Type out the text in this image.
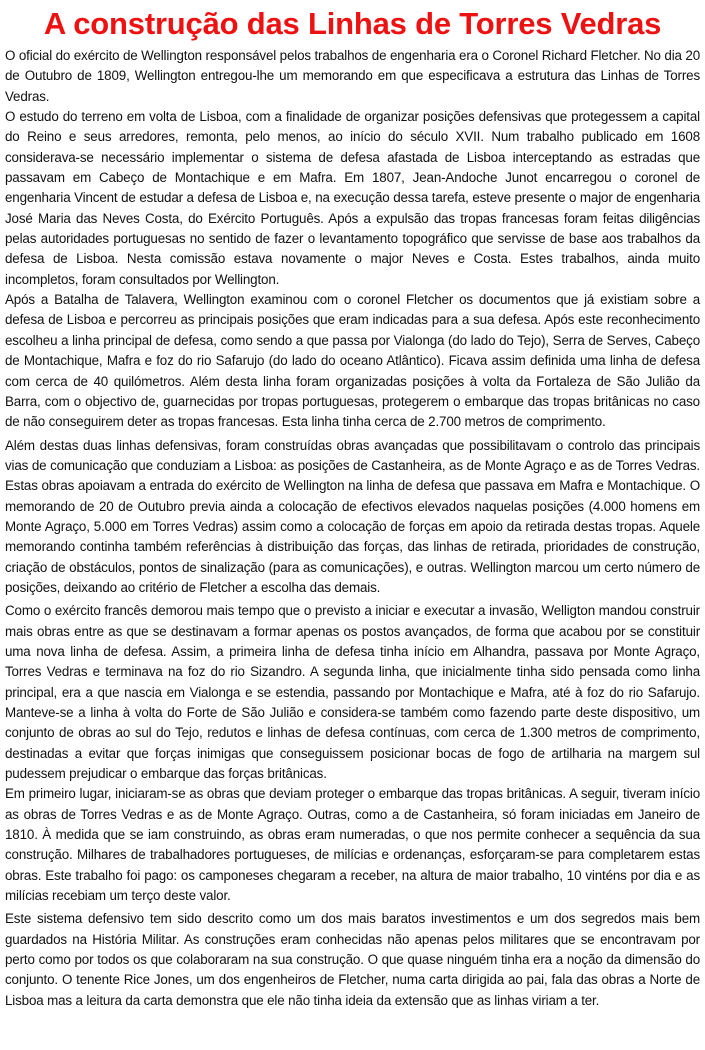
A construção das Linhas de Torres Vedras

O oficial do exército de Wellington responsável pelos trabalhos de engenharia era o Coronel Richard Fletcher. No dia 20 de Outubro de 1809, Wellington entregou-lhe um memorando em que especificava a estrutura das Linhas de Torres Vedras.

O estudo do terreno em volta de Lisboa, com a finalidade de organizar posições defensivas que protegessem a capital do Reino e seus arredores, remonta, pelo menos, ao início do século XVII. Num trabalho publicado em 1608 considerava-se necessário implementar o sistema de defesa afastada de Lisboa interceptando as estradas que passavam em Cabeço de Montachique e em Mafra. Em 1807, Jean-Andoche Junot encarregou o coronel de engenharia Vincent de estudar a defesa de Lisboa e, na execução dessa tarefa, esteve presente o major de engenharia José Maria das Neves Costa, do Exército Português. Após a expulsão das tropas francesas foram feitas diligências pelas autoridades portuguesas no sentido de fazer o levantamento topográfico que servisse de base aos trabalhos da defesa de Lisboa. Nesta comissão estava novamente o major Neves e Costa. Estes trabalhos, ainda muito incompletos, foram consultados por Wellington.

Após a Batalha de Talavera, Wellington examinou com o coronel Fletcher os documentos que já existiam sobre a defesa de Lisboa e percorreu as principais posições que eram indicadas para a sua defesa. Após este reconhecimento escolheu a linha principal de defesa, como sendo a que passa por Vialonga (do lado do Tejo), Serra de Serves, Cabeço de Montachique, Mafra e foz do rio Safarujo (do lado do oceano Atlântico). Ficava assim definida uma linha de defesa com cerca de 40 quilómetros. Além desta linha foram organizadas posições à volta da Fortaleza de São Julião da Barra, com o objectivo de, guarnecidas por tropas portuguesas, protegerem o embarque das tropas britânicas no caso de não conseguirem deter as tropas francesas. Esta linha tinha cerca de 2.700 metros de comprimento.

Além destas duas linhas defensivas, foram construídas obras avançadas que possibilitavam o controlo das principais vias de comunicação que conduziam a Lisboa: as posições de Castanheira, as de Monte Agraço e as de Torres Vedras. Estas obras apoiavam a entrada do exército de Wellington na linha de defesa que passava em Mafra e Montachique. O memorando de 20 de Outubro previa ainda a colocação de efectivos elevados naquelas posições (4.000 homens em Monte Agraço, 5.000 em Torres Vedras) assim como a colocação de forças em apoio da retirada destas tropas. Aquele memorando continha também referências à distribuição das forças, das linhas de retirada, prioridades de construção, criação de obstáculos, pontos de sinalização (para as comunicações), e outras. Wellington marcou um certo número de posições, deixando ao critério de Fletcher a escolha das demais.

Como o exército francês demorou mais tempo que o previsto a iniciar e executar a invasão, Welligton mandou construir mais obras entre as que se destinavam a formar apenas os postos avançados, de forma que acabou por se constituir uma nova linha de defesa. Assim, a primeira linha de defesa tinha início em Alhandra, passava por Monte Agraço, Torres Vedras e terminava na foz do rio Sizandro. A segunda linha, que inicialmente tinha sido pensada como linha principal, era a que nascia em Vialonga e se estendia, passando por Montachique e Mafra, até à foz do rio Safarujo. Manteve-se a linha à volta do Forte de São Julião e considera-se também como fazendo parte deste dispositivo, um conjunto de obras ao sul do Tejo, redutos e linhas de defesa contínuas, com cerca de 1.300 metros de comprimento, destinadas a evitar que forças inimigas que conseguissem posicionar bocas de fogo de artilharia na margem sul pudessem prejudicar o embarque das forças britânicas.

Em primeiro lugar, iniciaram-se as obras que deviam proteger o embarque das tropas britânicas. A seguir, tiveram início as obras de Torres Vedras e as de Monte Agraço. Outras, como a de Castanheira, só foram iniciadas em Janeiro de 1810. À medida que se iam construindo, as obras eram numeradas, o que nos permite conhecer a sequência da sua construção. Milhares de trabalhadores portugueses, de milícias e ordenanças, esforçaram-se para completarem estas obras. Este trabalho foi pago: os camponeses chegaram a receber, na altura de maior trabalho, 10 vinténs por dia e as milícias recebiam um terço deste valor.

Este sistema defensivo tem sido descrito como um dos mais baratos investimentos e um dos segredos mais bem guardados na História Militar. As construções eram conhecidas não apenas pelos militares que se encontravam por perto como por todos os que colaboraram na sua construção. O que quase ninguém tinha era a noção da dimensão do conjunto. O tenente Rice Jones, um dos engenheiros de Fletcher, numa carta dirigida ao pai, fala das obras a Norte de Lisboa mas a leitura da carta demonstra que ele não tinha ideia da extensão que as linhas viriam a ter.
